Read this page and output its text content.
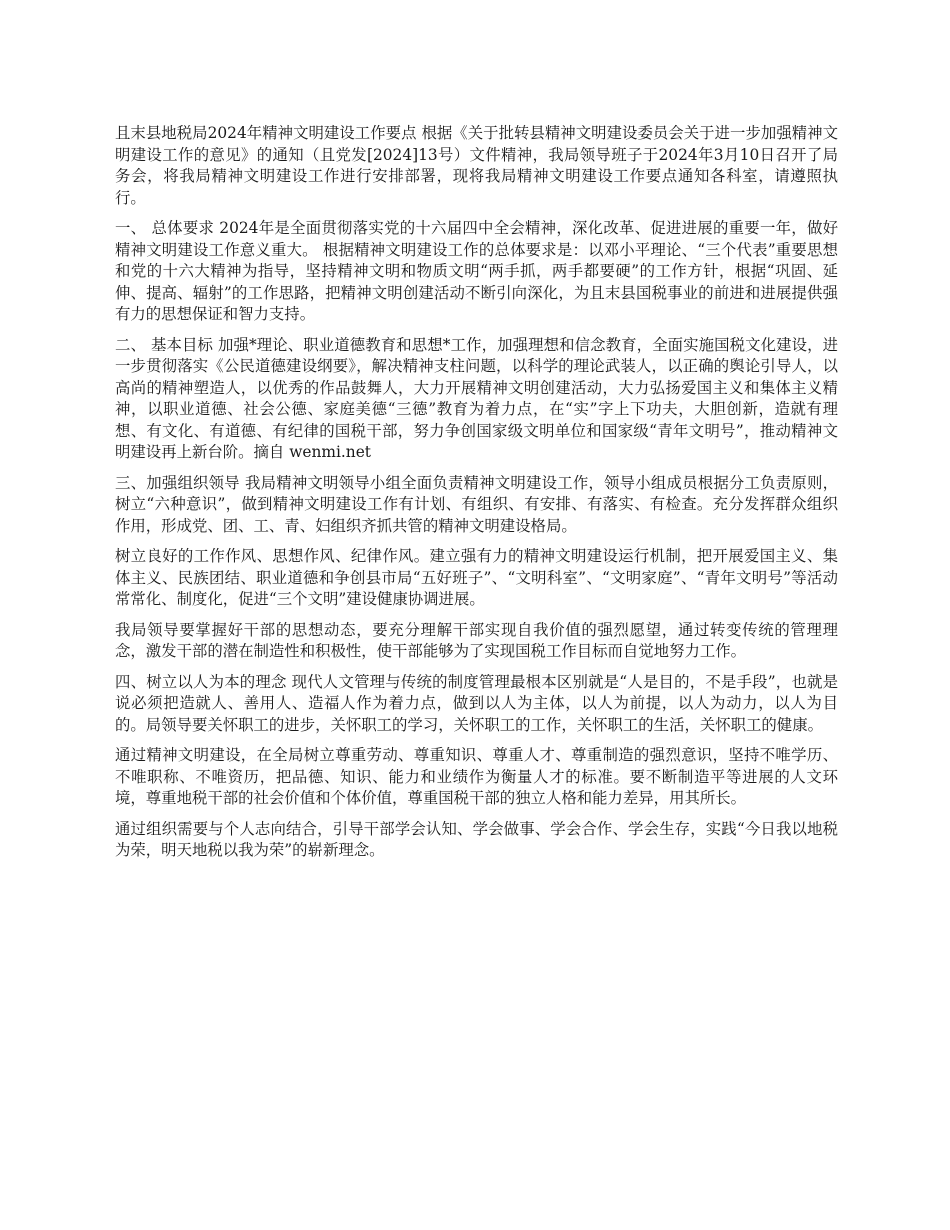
且末县地税局2024年精神文明建设工作要点 根据《关于批转县精神文明建设委员会关于进一步加强精神文明建设工作的意见》的通知（且党发[2024]13号）文件精神，我局领导班子于2024年3月10日召开了局务会，将我局精神文明建设工作进行安排部署，现将我局精神文明建设工作要点通知各科室，请遵照执行。

一、 总体要求 2024年是全面贯彻落实党的十六届四中全会精神，深化改革、促进进展的重要一年，做好精神文明建设工作意义重大。 根据精神文明建设工作的总体要求是：以邓小平理论、“三个代表”重要思想和党的十六大精神为指导，坚持精神文明和物质文明“两手抓，两手都要硬”的工作方针，根据“巩固、延伸、提高、辐射”的工作思路，把精神文明创建活动不断引向深化，为且末县国税事业的前进和进展提供强有力的思想保证和智力支持。

二、 基本目标 加强*理论、职业道德教育和思想*工作，加强理想和信念教育，全面实施国税文化建设，进一步贯彻落实《公民道德建设纲要》，解决精神支柱问题，以科学的理论武装人，以正确的舆论引导人，以高尚的精神塑造人，以优秀的作品鼓舞人，大力开展精神文明创建活动，大力弘扬爱国主义和集体主义精神，以职业道德、社会公德、家庭美德“三德”教育为着力点，在“实”字上下功夫，大胆创新，造就有理想、有文化、有道德、有纪律的国税干部，努力争创国家级文明单位和国家级“青年文明号”，推动精神文明建设再上新台阶。摘自 wenmi.net

三、加强组织领导 我局精神文明领导小组全面负责精神文明建设工作，领导小组成员根据分工负责原则，树立“六种意识”，做到精神文明建设工作有计划、有组织、有安排、有落实、有检查。充分发挥群众组织作用，形成党、团、工、青、妇组织齐抓共管的精神文明建设格局。

树立良好的工作作风、思想作风、纪律作风。建立强有力的精神文明建设运行机制，把开展爱国主义、集体主义、民族团结、职业道德和争创县市局“五好班子”、“文明科室”、“文明家庭”、“青年文明号”等活动常常化、制度化，促进“三个文明”建设健康协调进展。

我局领导要掌握好干部的思想动态，要充分理解干部实现自我价值的强烈愿望，通过转变传统的管理理念，激发干部的潜在制造性和积极性，使干部能够为了实现国税工作目标而自觉地努力工作。

四、树立以人为本的理念 现代人文管理与传统的制度管理最根本区别就是“人是目的，不是手段”，也就是说必须把造就人、善用人、造福人作为着力点，做到以人为主体，以人为前提，以人为动力，以人为目的。局领导要关怀职工的进步，关怀职工的学习，关怀职工的工作，关怀职工的生活，关怀职工的健康。

通过精神文明建设，在全局树立尊重劳动、尊重知识、尊重人才、尊重制造的强烈意识，坚持不唯学历、不唯职称、不唯资历，把品德、知识、能力和业绩作为衡量人才的标准。要不断制造平等进展的人文环境，尊重地税干部的社会价值和个体价值，尊重国税干部的独立人格和能力差异，用其所长。

通过组织需要与个人志向结合，引导干部学会认知、学会做事、学会合作、学会生存，实践“今日我以地税为荣，明天地税以我为荣”的崭新理念。
